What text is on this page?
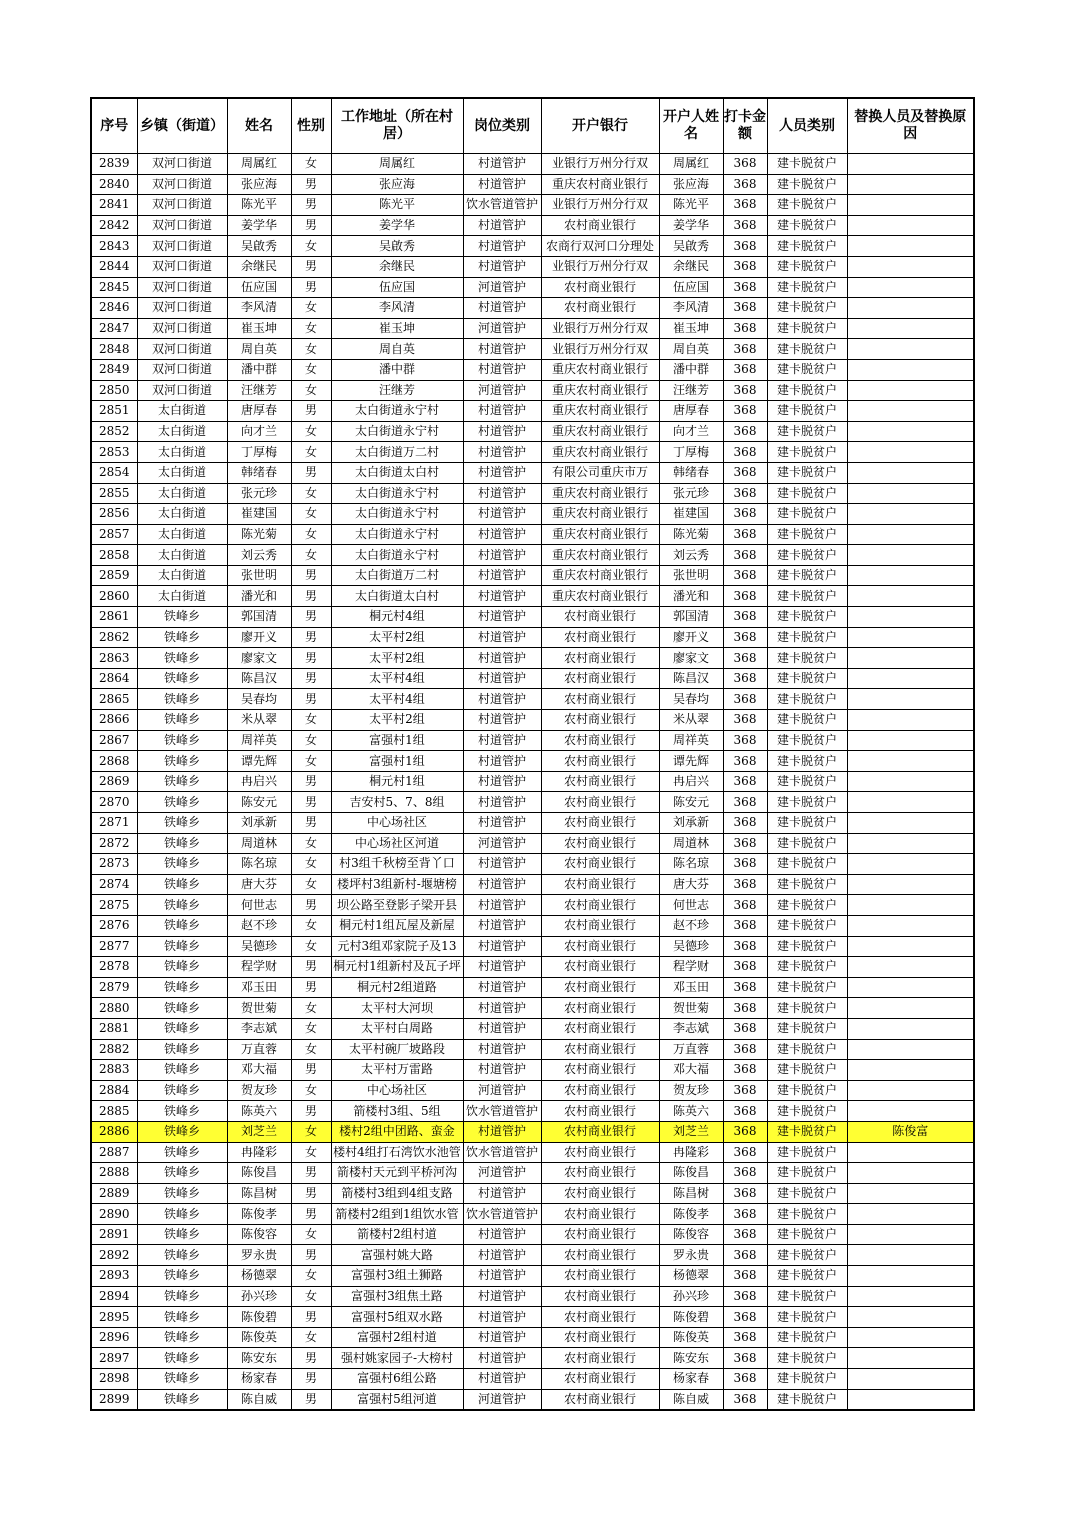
序号	乡镇（街道）	姓名	性别	工作地址（所在村居）	岗位类别	开户银行	开户人姓名	打卡金额	人员类别	替换人员及替换原因
2839	双河口街道	周属红	女	周属红	村道管护	业银行万州分行双	周属红	368	建卡脱贫户	
2840	双河口街道	张应海	男	张应海	村道管护	重庆农村商业银行	张应海	368	建卡脱贫户	
2841	双河口街道	陈光平	男	陈光平	饮水管道管护	业银行万州分行双	陈光平	368	建卡脱贫户	
2842	双河口街道	姜学华	男	姜学华	村道管护	农村商业银行	姜学华	368	建卡脱贫户	
2843	双河口街道	吴啟秀	女	吴啟秀	村道管护	农商行双河口分理处	吴啟秀	368	建卡脱贫户	
2844	双河口街道	余继民	男	余继民	村道管护	业银行万州分行双	余继民	368	建卡脱贫户	
2845	双河口街道	伍应国	男	伍应国	河道管护	农村商业银行	伍应国	368	建卡脱贫户	
2846	双河口街道	李风清	女	李风清	村道管护	农村商业银行	李风清	368	建卡脱贫户	
2847	双河口街道	崔玉坤	女	崔玉坤	河道管护	业银行万州分行双	崔玉坤	368	建卡脱贫户	
2848	双河口街道	周自英	女	周自英	村道管护	业银行万州分行双	周自英	368	建卡脱贫户	
2849	双河口街道	潘中群	女	潘中群	村道管护	重庆农村商业银行	潘中群	368	建卡脱贫户	
2850	双河口街道	汪继芳	女	汪继芳	河道管护	重庆农村商业银行	汪继芳	368	建卡脱贫户	
2851	太白街道	唐厚春	男	太白街道永宁村	村道管护	重庆农村商业银行	唐厚春	368	建卡脱贫户	
2852	太白街道	向才兰	女	太白街道永宁村	村道管护	重庆农村商业银行	向才兰	368	建卡脱贫户	
2853	太白街道	丁厚梅	女	太白街道万二村	村道管护	重庆农村商业银行	丁厚梅	368	建卡脱贫户	
2854	太白街道	韩绪春	男	太白街道太白村	村道管护	有限公司重庆市万	韩绪春	368	建卡脱贫户	
2855	太白街道	张元珍	女	太白街道永宁村	村道管护	重庆农村商业银行	张元珍	368	建卡脱贫户	
2856	太白街道	崔建国	女	太白街道永宁村	村道管护	重庆农村商业银行	崔建国	368	建卡脱贫户	
2857	太白街道	陈光菊	女	太白街道永宁村	村道管护	重庆农村商业银行	陈光菊	368	建卡脱贫户	
2858	太白街道	刘云秀	女	太白街道永宁村	村道管护	重庆农村商业银行	刘云秀	368	建卡脱贫户	
2859	太白街道	张世明	男	太白街道万二村	村道管护	重庆农村商业银行	张世明	368	建卡脱贫户	
2860	太白街道	潘光和	男	太白街道太白村	村道管护	重庆农村商业银行	潘光和	368	建卡脱贫户	
2861	铁峰乡	郭国清	男	桐元村4组	村道管护	农村商业银行	郭国清	368	建卡脱贫户	
2862	铁峰乡	廖开义	男	太平村2组	村道管护	农村商业银行	廖开义	368	建卡脱贫户	
2863	铁峰乡	廖家文	男	太平村2组	村道管护	农村商业银行	廖家文	368	建卡脱贫户	
2864	铁峰乡	陈昌汉	男	太平村4组	村道管护	农村商业银行	陈昌汉	368	建卡脱贫户	
2865	铁峰乡	吴春均	男	太平村4组	村道管护	农村商业银行	吴春均	368	建卡脱贫户	
2866	铁峰乡	米从翠	女	太平村2组	村道管护	农村商业银行	米从翠	368	建卡脱贫户	
2867	铁峰乡	周祥英	女	富强村1组	村道管护	农村商业银行	周祥英	368	建卡脱贫户	
2868	铁峰乡	谭先辉	女	富强村1组	村道管护	农村商业银行	谭先辉	368	建卡脱贫户	
2869	铁峰乡	冉启兴	男	桐元村1组	村道管护	农村商业银行	冉启兴	368	建卡脱贫户	
2870	铁峰乡	陈安元	男	吉安村5、7、8组	村道管护	农村商业银行	陈安元	368	建卡脱贫户	
2871	铁峰乡	刘承新	男	中心场社区	村道管护	农村商业银行	刘承新	368	建卡脱贫户	
2872	铁峰乡	周道林	女	中心场社区河道	河道管护	农村商业银行	周道林	368	建卡脱贫户	
2873	铁峰乡	陈名琼	女	村3组千秋榜至背丫口	村道管护	农村商业银行	陈名琼	368	建卡脱贫户	
2874	铁峰乡	唐大芬	女	楼坪村3组新村-堰塘榜	村道管护	农村商业银行	唐大芬	368	建卡脱贫户	
2875	铁峰乡	何世志	男	坝公路至登影子梁开县	村道管护	农村商业银行	何世志	368	建卡脱贫户	
2876	铁峰乡	赵不珍	女	桐元村1组瓦屋及新屋	村道管护	农村商业银行	赵不珍	368	建卡脱贫户	
2877	铁峰乡	吴德珍	女	元村3组邓家院子及13	村道管护	农村商业银行	吴德珍	368	建卡脱贫户	
2878	铁峰乡	程学财	男	桐元村1组新村及瓦子坪	村道管护	农村商业银行	程学财	368	建卡脱贫户	
2879	铁峰乡	邓玉田	男	桐元村2组道路	村道管护	农村商业银行	邓玉田	368	建卡脱贫户	
2880	铁峰乡	贺世菊	女	太平村大河坝	村道管护	农村商业银行	贺世菊	368	建卡脱贫户	
2881	铁峰乡	李志斌	女	太平村白周路	村道管护	农村商业银行	李志斌	368	建卡脱贫户	
2882	铁峰乡	万直蓉	女	太平村碗厂坡路段	村道管护	农村商业银行	万直蓉	368	建卡脱贫户	
2883	铁峰乡	邓大福	男	太平村万雷路	村道管护	农村商业银行	邓大福	368	建卡脱贫户	
2884	铁峰乡	贺友珍	女	中心场社区	河道管护	农村商业银行	贺友珍	368	建卡脱贫户	
2885	铁峰乡	陈英六	男	箭楼村3组、5组	饮水管道管护	农村商业银行	陈英六	368	建卡脱贫户	
2886	铁峰乡	刘芝兰	女	楼村2组中团路、蛮金	村道管护	农村商业银行	刘芝兰	368	建卡脱贫户	陈俊富
2887	铁峰乡	冉隆彩	女	楼村4组打石湾饮水池管	饮水管道管护	农村商业银行	冉隆彩	368	建卡脱贫户	
2888	铁峰乡	陈俊昌	男	箭楼村天元到平桥河沟	河道管护	农村商业银行	陈俊昌	368	建卡脱贫户	
2889	铁峰乡	陈昌树	男	箭楼村3组到4组支路	村道管护	农村商业银行	陈昌树	368	建卡脱贫户	
2890	铁峰乡	陈俊孝	男	箭楼村2组到1组饮水管	饮水管道管护	农村商业银行	陈俊孝	368	建卡脱贫户	
2891	铁峰乡	陈俊容	女	箭楼村2组村道	村道管护	农村商业银行	陈俊容	368	建卡脱贫户	
2892	铁峰乡	罗永贵	男	富强村姚大路	村道管护	农村商业银行	罗永贵	368	建卡脱贫户	
2893	铁峰乡	杨德翠	女	富强村3组土狮路	村道管护	农村商业银行	杨德翠	368	建卡脱贫户	
2894	铁峰乡	孙兴珍	女	富强村3组焦土路	村道管护	农村商业银行	孙兴珍	368	建卡脱贫户	
2895	铁峰乡	陈俊碧	男	富强村5组双水路	村道管护	农村商业银行	陈俊碧	368	建卡脱贫户	
2896	铁峰乡	陈俊英	女	富强村2组村道	村道管护	农村商业银行	陈俊英	368	建卡脱贫户	
2897	铁峰乡	陈安东	男	强村姚家园子-大榜村	村道管护	农村商业银行	陈安东	368	建卡脱贫户	
2898	铁峰乡	杨家春	男	富强村6组公路	村道管护	农村商业银行	杨家春	368	建卡脱贫户	
2899	铁峰乡	陈自威	男	富强村5组河道	河道管护	农村商业银行	陈自威	368	建卡脱贫户	
